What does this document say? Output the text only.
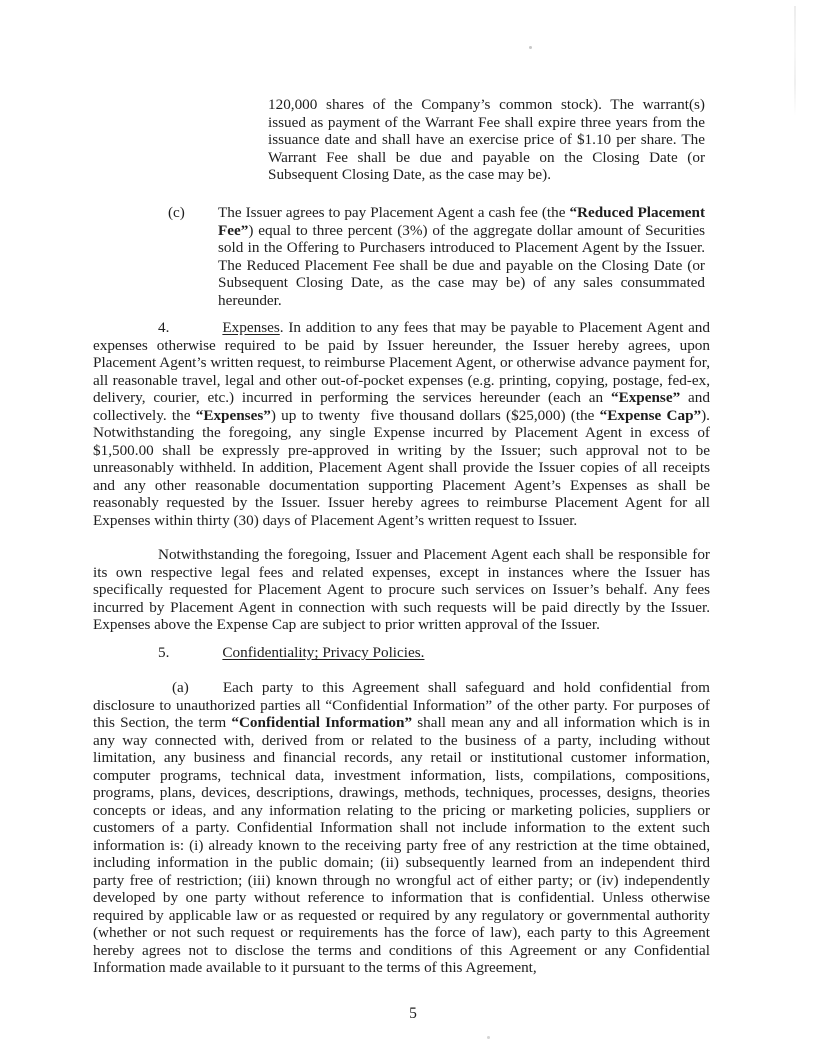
120,000 shares of the Company’s common stock). The warrant(s) issued as payment of the Warrant Fee shall expire three years from the issuance date and shall have an exercise price of $1.10 per share. The Warrant Fee shall be due and payable on the Closing Date (or Subsequent Closing Date, as the case may be).

(c) The Issuer agrees to pay Placement Agent a cash fee (the “Reduced Placement Fee”) equal to three percent (3%) of the aggregate dollar amount of Securities sold in the Offering to Purchasers introduced to Placement Agent by the Issuer. The Reduced Placement Fee shall be due and payable on the Closing Date (or Subsequent Closing Date, as the case may be) of any sales consummated hereunder.

4.	Expenses. In addition to any fees that may be payable to Placement Agent and expenses otherwise required to be paid by Issuer hereunder, the Issuer hereby agrees, upon Placement Agent’s written request, to reimburse Placement Agent, or otherwise advance payment for, all reasonable travel, legal and other out-of-pocket expenses (e.g. printing, copying, postage, fed-ex, delivery, courier, etc.) incurred in performing the services hereunder (each an “Expense” and collectively. the “Expenses”) up to twenty  five thousand dollars ($25,000) (the “Expense Cap”). Notwithstanding the foregoing, any single Expense incurred by Placement Agent in excess of $1,500.00 shall be expressly pre-approved in writing by the Issuer; such approval not to be unreasonably withheld. In addition, Placement Agent shall provide the Issuer copies of all receipts and any other reasonable documentation supporting Placement Agent’s Expenses as shall be reasonably requested by the Issuer. Issuer hereby agrees to reimburse Placement Agent for all Expenses within thirty (30) days of Placement Agent’s written request to Issuer.

Notwithstanding the foregoing, Issuer and Placement Agent each shall be responsible for its own respective legal fees and related expenses, except in instances where the Issuer has specifically requested for Placement Agent to procure such services on Issuer’s behalf. Any fees incurred by Placement Agent in connection with such requests will be paid directly by the Issuer. Expenses above the Expense Cap are subject to prior written approval of the Issuer.

5.	Confidentiality; Privacy Policies.

(a) Each party to this Agreement shall safeguard and hold confidential from disclosure to unauthorized parties all “Confidential Information” of the other party. For purposes of this Section, the term “Confidential Information” shall mean any and all information which is in any way connected with, derived from or related to the business of a party, including without limitation, any business and financial records, any retail or institutional customer information, computer programs, technical data, investment information, lists, compilations, compositions, programs, plans, devices, descriptions, drawings, methods, techniques, processes, designs, theories concepts or ideas, and any information relating to the pricing or marketing policies, suppliers or customers of a party. Confidential Information shall not include information to the extent such information is: (i) already known to the receiving party free of any restriction at the time obtained, including information in the public domain; (ii) subsequently learned from an independent third party free of restriction; (iii) known through no wrongful act of either party; or (iv) independently developed by one party without reference to information that is confidential. Unless otherwise required by applicable law or as requested or required by any regulatory or governmental authority (whether or not such request or requirements has the force of law), each party to this Agreement hereby agrees not to disclose the terms and conditions of this Agreement or any Confidential Information made available to it pursuant to the terms of this Agreement,

5
